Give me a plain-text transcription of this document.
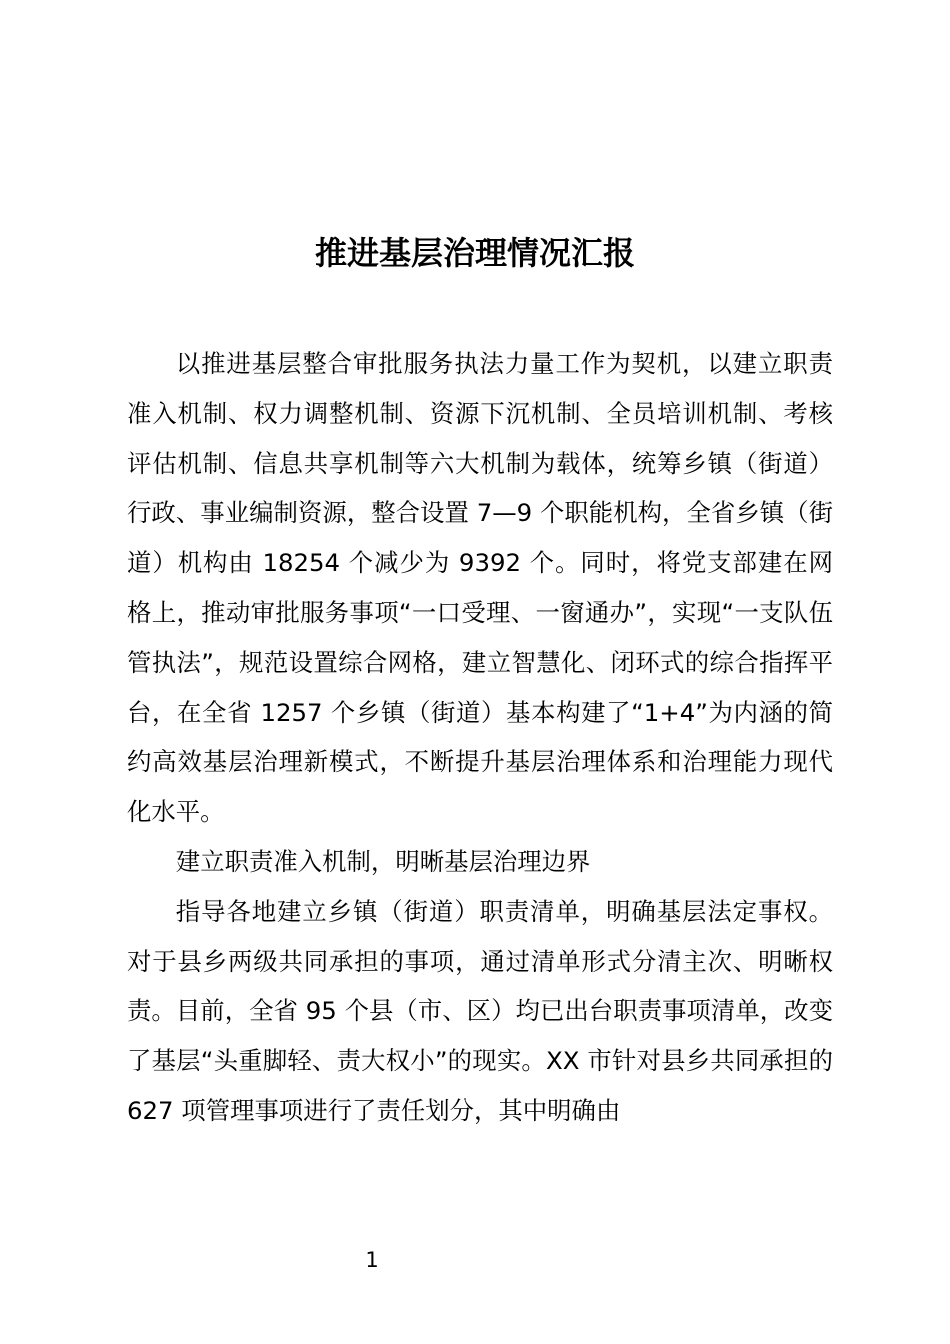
推进基层治理情况汇报

以推进基层整合审批服务执法力量工作为契机，以建立职责准入机制、权力调整机制、资源下沉机制、全员培训机制、考核评估机制、信息共享机制等六大机制为载体，统筹乡镇（街道）行政、事业编制资源，整合设置 7—9 个职能机构，全省乡镇（街道）机构由 18254 个减少为 9392 个。同时，将党支部建在网格上，推动审批服务事项“一口受理、一窗通办”，实现“一支队伍管执法”，规范设置综合网格，建立智慧化、闭环式的综合指挥平台，在全省 1257 个乡镇（街道）基本构建了“1+4”为内涵的简约高效基层治理新模式，不断提升基层治理体系和治理能力现代化水平。

建立职责准入机制，明晰基层治理边界

指导各地建立乡镇（街道）职责清单，明确基层法定事权。对于县乡两级共同承担的事项，通过清单形式分清主次、明晰权责。目前，全省 95 个县（市、区）均已出台职责事项清单，改变了基层“头重脚轻、责大权小”的现实。XX 市针对县乡共同承担的 627 项管理事项进行了责任划分，其中明确由

1
